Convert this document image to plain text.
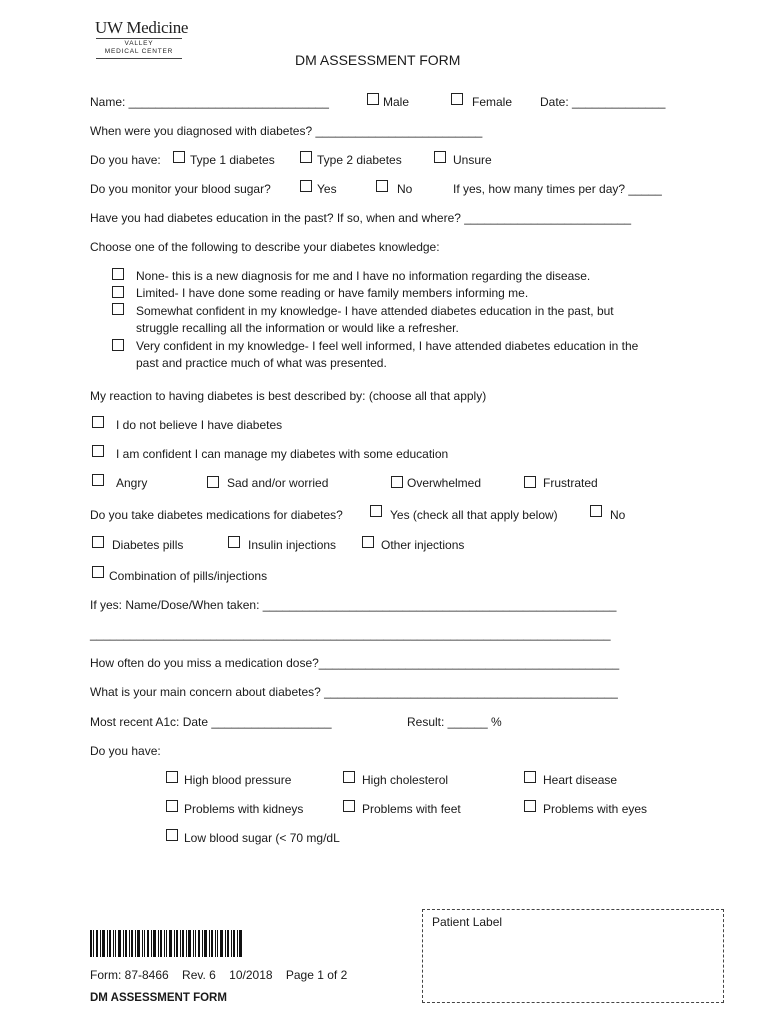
UW Medicine
VALLEY
MEDICAL CENTER
DM ASSESSMENT FORM
Name: ______________________________	Male	Female Date: ______________
When were you diagnosed with diabetes? _________________________
Do you have: Type 1 diabetes	Type 2 diabetes	Unsure
Do you monitor your blood sugar?	Yes	No	If yes, how many times per day? _____
Have you had diabetes education in the past? If so, when and where? _________________________
Choose one of the following to describe your diabetes knowledge:
None- this is a new diagnosis for me and I have no information regarding the disease.
Limited- I have done some reading or have family members informing me.
Somewhat confident in my knowledge- I have attended diabetes education in the past, but
struggle recalling all the information or would like a refresher.
Very confident in my knowledge- I feel well informed, I have attended diabetes education in the
past and practice much of what was presented.
My reaction to having diabetes is best described by: (choose all that apply)
I do not believe I have diabetes
I am confident I can manage my diabetes with some education
Angry	Sad and/or worried	Overwhelmed	Frustrated
Do you take diabetes medications for diabetes?	Yes (check all that apply below)	No
Diabetes pills	Insulin injections	Other injections
Combination of pills/injections
If yes: Name/Dose/When taken: _____________________________________________________
______________________________________________________________________________
How often do you miss a medication dose?_____________________________________________
What is your main concern about diabetes? ____________________________________________
Most recent A1c: Date __________________	Result: ______ %
Do you have:
High blood pressure	High cholesterol	Heart disease
Problems with kidneys	Problems with feet	Problems with eyes
Low blood sugar (< 70 mg/dL
Form: 87-8466    Rev. 6    10/2018    Page 1 of 2
DM ASSESSMENT FORM
Patient Label
